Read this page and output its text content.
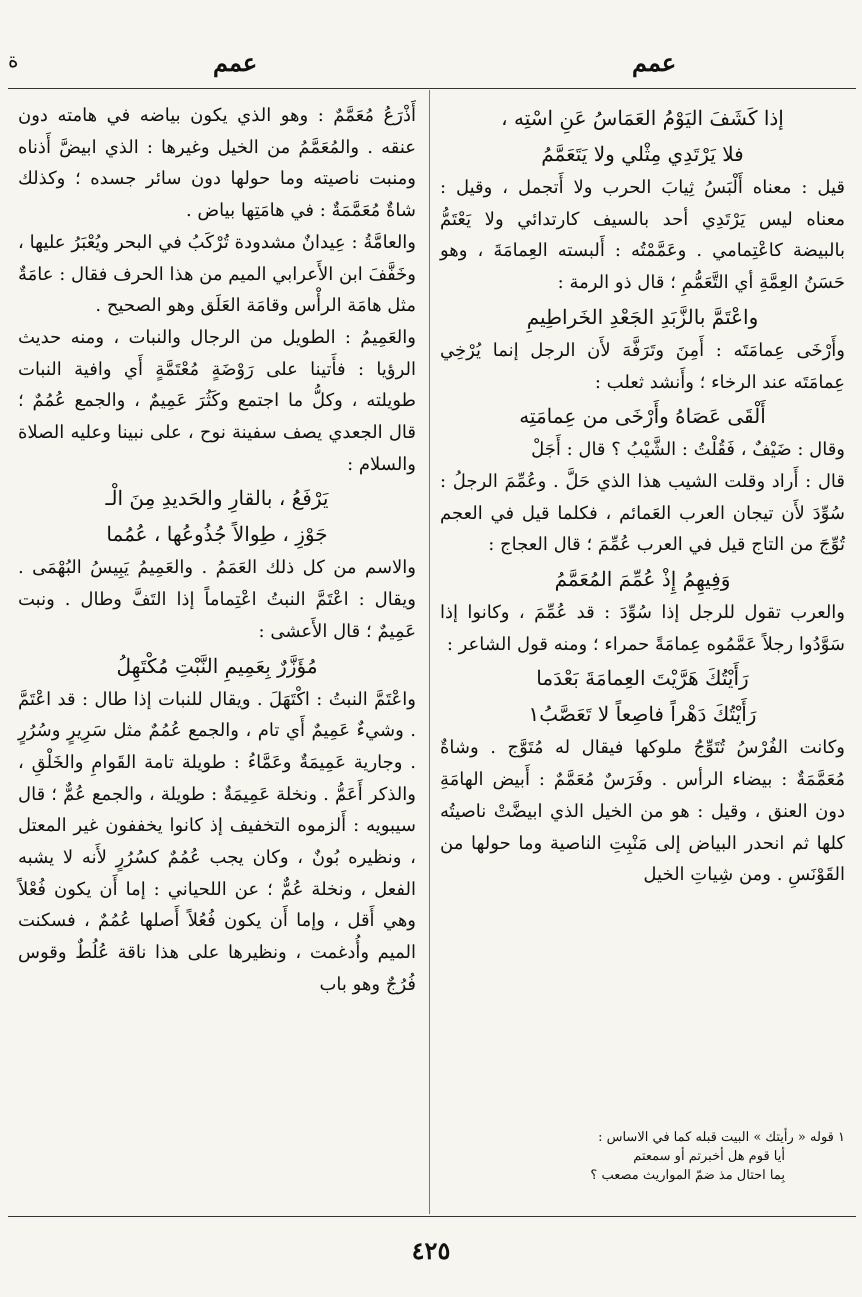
عمم
عمم
ة

إذا كَشَفَ اليَوْمُ العَمَاسُ عَنِ اسْتِه ،

فلا يَرْتَدِي مِثْلي ولا يَتَعَمَّمُ

قيل : معناه أَلْبَسُ ثِيابَ الحرب ولا أَتجمل ، وقيل : معناه ليس يَرْتَدِي أحد بالسيف كارتدائي ولا يَعْتَمُّ بالبيضة كاعْتِمامي . وعَمَّمْتُه : أَلبسته العِمامَةَ ، وهو حَسَنُ العِمَّةِ أي التَّعَمُّمِ ؛ قال ذو الرمة :

واعْتَمَّ بالزَّبَدِ الجَعْدِ الخَراطِيمِ

وأَرْخَى عِمامَتَه : أَمِنَ وتَرَفَّهَ لأَن الرجل إنما يُرْخِي عِمامَتَه عند الرخاء ؛ وأَنشد ثعلب :

أَلْقَى عَصَاهُ وأَرْخَى من عِمامَتِه

وقال : ضَيْفٌ ، فَقُلْتُ : الشَّيْبُ ؟ قال : أَجَلْ

قال : أَراد وقلت الشيب هذا الذي حَلَّ . وعُمِّمَ الرجلُ : سُوِّدَ لأَن تيجان العرب العَمائم ، فكلما قيل في العجم تُوِّجَ من التاج قيل في العرب عُمِّمَ ؛ قال العجاج :

وَفِيهِمُ إِذْ عُمِّمَ المُعَمَّمُ

والعرب تقول للرجل إذا سُوِّدَ : قد عُمِّمَ ، وكانوا إذا سَوَّدُوا رجلاً عَمَّمُوه عِمامَةً حمراء ؛ ومنه قول الشاعر :

رَأَيْتُكَ هَرَّيْتَ العِمامَةَ بَعْدَما

رَأَيْتُكَ دَهْراً فاصِعاً لا تَعَصَّبُ١

وكانت الفُرْسُ تُتَوِّجُ ملوكها فيقال له مُتَوَّج . وشاةٌ مُعَمَّمَةٌ : بيضاء الرأس . وفَرَسٌ مُعَمَّمٌ : أَبيض الهامَةِ دون العنق ، وقيل : هو من الخيل الذي ابيضَّتْ ناصيتُه كلها ثم انحدر البياض إلى مَنْبِتِ الناصية وما حولها من القَوْنَسِ . ومن شِياتِ الخيل

١ قوله « رأيتك » البيت قبله كما في الاساس :
أيا قوم هل أخبرتم أو سمعتم
بِما احتال مذ ضمّ المواريث مصعب ؟

أَذْرَعُ مُعَمَّمٌ : وهو الذي يكون بياضه في هامته دون عنقه . والمُعَمَّمُ من الخيل وغيرها : الذي ابيضَّ أَذناه ومنبت ناصيته وما حولها دون سائر جسده ؛ وكذلك شاةٌ مُعَمَّمَةٌ : في هامَتِها بياض .

والعامَّةُ : عِيدانٌ مشدودة تُرْكَبُ في البحر ويُعْبَرُ عليها ، وخَفَّفَ ابن الأَعرابي الميم من هذا الحرف فقال : عامَةٌ مثل هامَة الرأْس وقامَة العَلَق وهو الصحيح .

والعَمِيمُ : الطويل من الرجال والنبات ، ومنه حديث الرؤيا : فأَتينا على رَوْضَةٍ مُعْتَمَّةٍ أَي وافية النبات طويلته ، وكلُّ ما اجتمع وكَثُرَ عَمِيمٌ ، والجمع عُمُمٌ ؛ قال الجعدي يصف سفينة نوح ، على نبينا وعليه الصلاة والسلام :

يَرْفَعُ ، بالقارِ والحَديدِ مِنَ الْـ

جَوْزِ ، طِوالاً جُذُوعُها ، عُمُما

والاسم من كل ذلك العَمَمُ . والعَمِيمُ يَبِيسُ البُهْمَى . ويقال : اعْتَمَّ النبتُ اعْتِماماً إذا التَفَّ وطال . ونبت عَمِيمٌ ؛ قال الأَعشى :

مُؤَزَّرٌ بِعَمِيمِ النَّبْتِ مُكْتَهِلُ

واعْتَمَّ النبتُ : اكْتَهَلَ . ويقال للنبات إذا طال : قد اعْتَمَّ . وشيءٌ عَمِيمٌ أَي تام ، والجمع عُمُمٌ مثل سَرِيرٍ وسُرُرٍ . وجارية عَمِيمَةٌ وعَمَّاءُ : طويلة تامة القَوامِ والخَلْقِ ، والذكر أَعَمُّ . ونخلة عَمِيمَةٌ : طويلة ، والجمع عُمٌّ ؛ قال سيبويه : أَلزموه التخفيف إذ كانوا يخففون غير المعتل ، ونظيره بُونٌ ، وكان يجب عُمُمٌ كسُرُرٍ لأَنه لا يشبه الفعل ، ونخلة عُمٌّ ؛ عن اللحياني : إما أَن يكون فُعْلاً وهي أَقل ، وإما أَن يكون فُعُلاً أَصلها عُمُمٌ ، فسكنت الميم وأُدغمت ، ونظيرها على هذا ناقة عُلُطٌ وقوس فُرُجٌ وهو باب

٤٢٥
